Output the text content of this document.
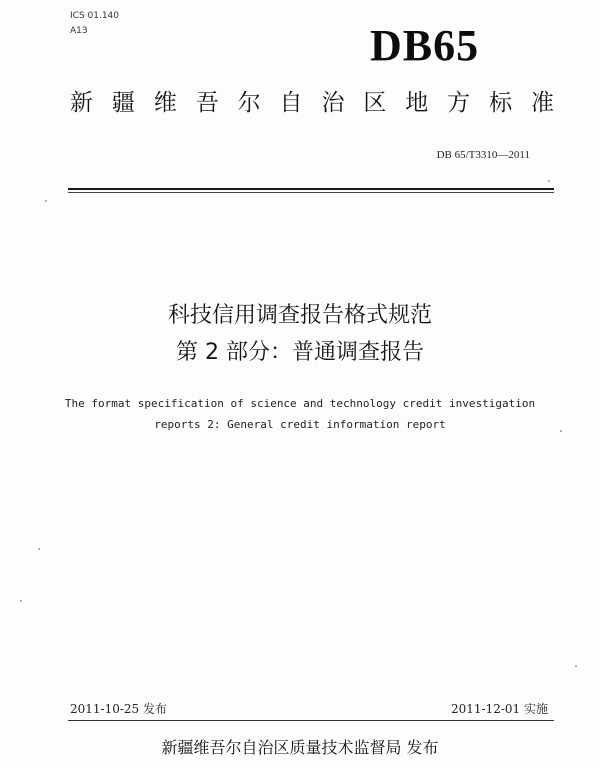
ICS 01.140
A13	DB65
新 疆 维 吾 尔 自 治 区 地 方 标 准
DB 65/T3310—2011
科技信用调查报告格式规范
第 2 部分：普通调查报告
The format specification of science and technology credit investigation
reports 2: General credit information report
2011-10-25 发布	2011-12-01 实施
新疆维吾尔自治区质量技术监督局 发布
